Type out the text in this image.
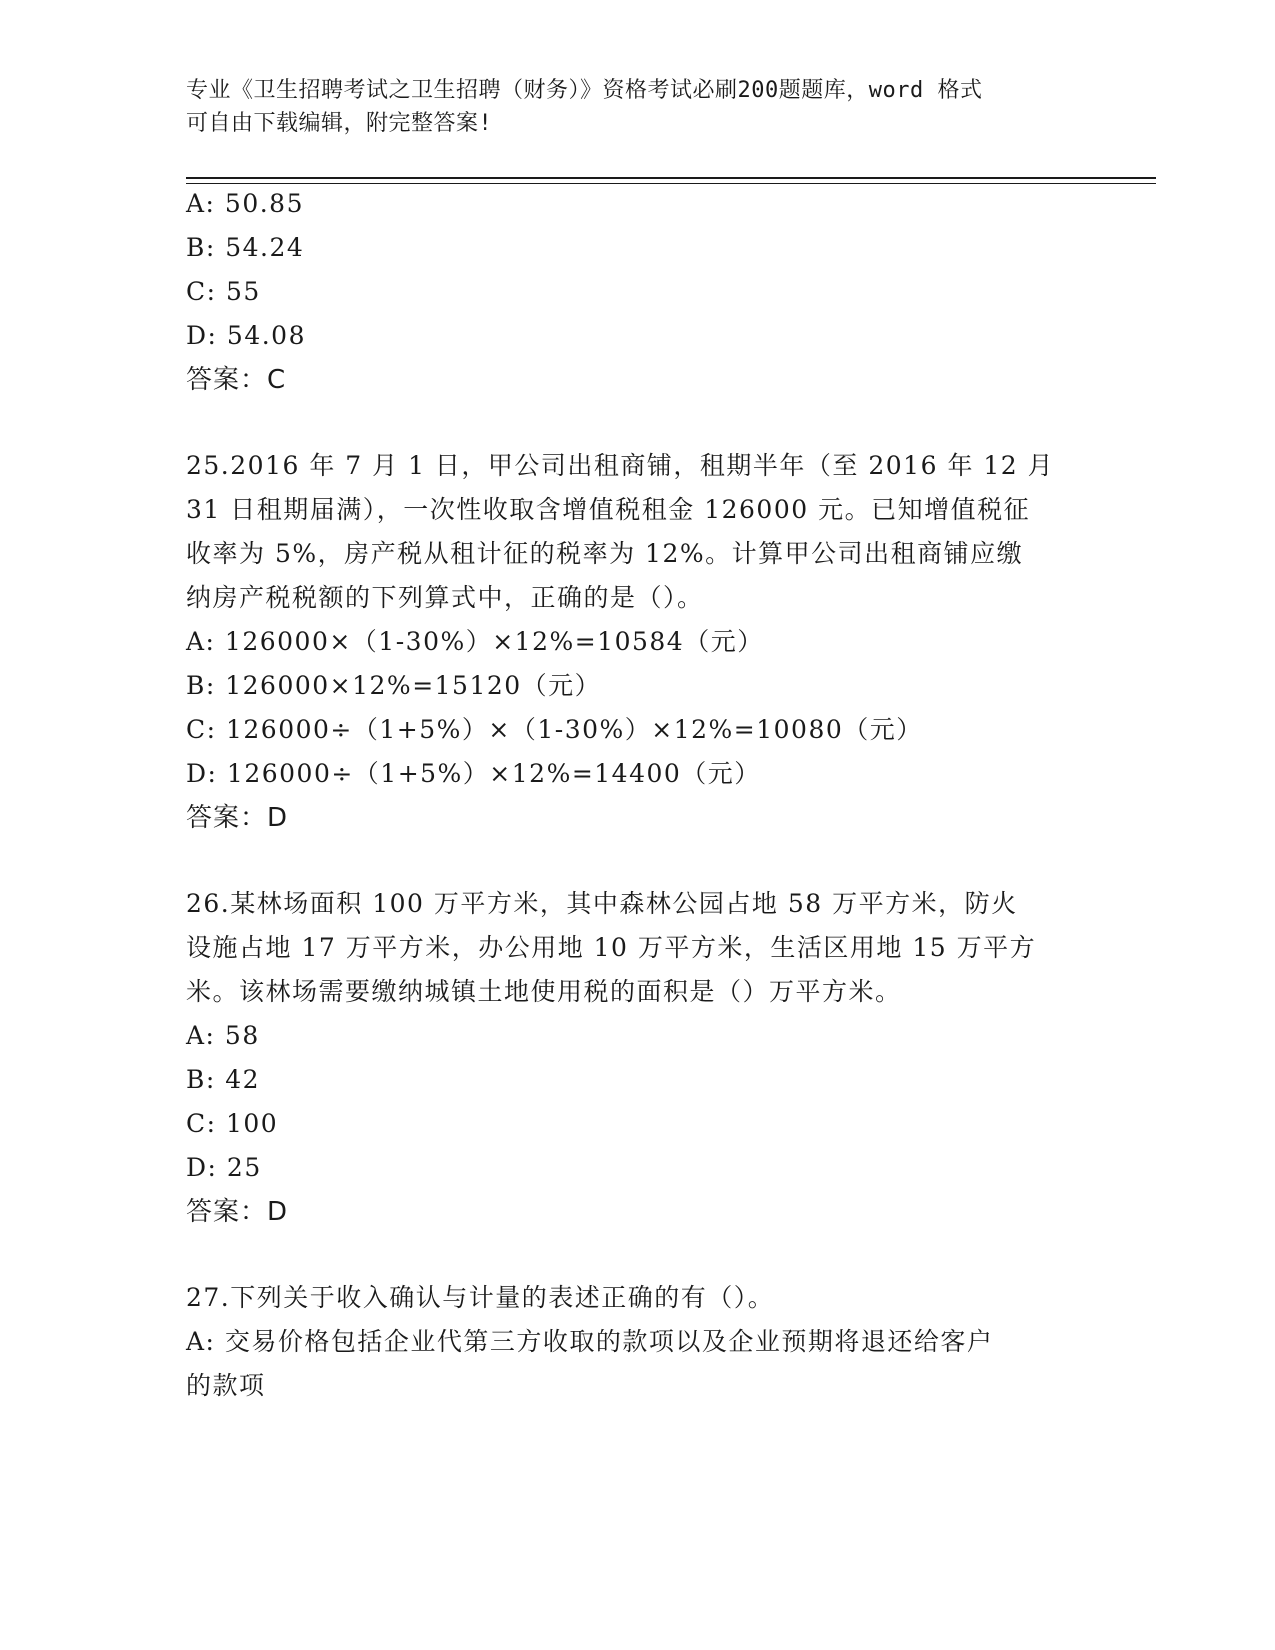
专业《卫生招聘考试之卫生招聘（财务）》资格考试必刷200题题库，word 格式
可自由下载编辑，附完整答案!
A: 50.85
B: 54.24
C: 55
D: 54.08
答案：C
25.2016 年 7 月 1 日，甲公司出租商铺，租期半年（至 2016 年 12 月
31 日租期届满），一次性收取含增值税租金 126000 元。已知增值税征
收率为 5%，房产税从租计征的税率为 12%。计算甲公司出租商铺应缴
纳房产税税额的下列算式中，正确的是（）。
A: 126000×（1-30%）×12%=10584（元）
B: 126000×12%=15120（元）
C: 126000÷（1+5%）×（1-30%）×12%=10080（元）
D: 126000÷（1+5%）×12%=14400（元）
答案：D
26.某林场面积 100 万平方米，其中森林公园占地 58 万平方米，防火
设施占地 17 万平方米，办公用地 10 万平方米，生活区用地 15 万平方
米。该林场需要缴纳城镇土地使用税的面积是（）万平方米。
A: 58
B: 42
C: 100
D: 25
答案：D
27.下列关于收入确认与计量的表述正确的有（）。
A: 交易价格包括企业代第三方收取的款项以及企业预期将退还给客户
的款项
